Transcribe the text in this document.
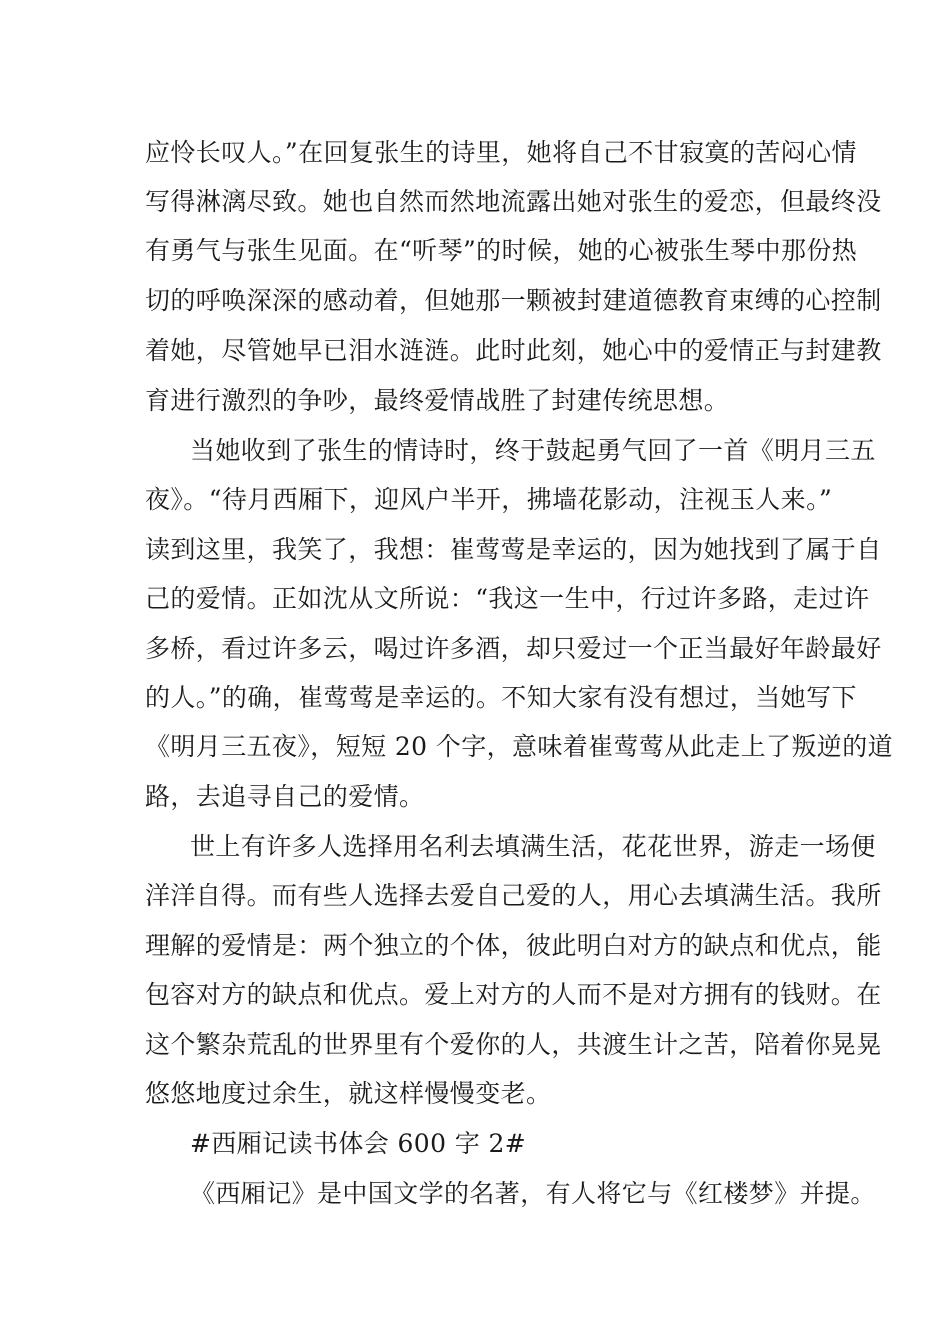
应怜长叹人。”在回复张生的诗里，她将自己不甘寂寞的苦闷心情
写得淋漓尽致。她也自然而然地流露出她对张生的爱恋，但最终没
有勇气与张生见面。在“听琴”的时候，她的心被张生琴中那份热
切的呼唤深深的感动着，但她那一颗被封建道德教育束缚的心控制
着她，尽管她早已泪水涟涟。此时此刻，她心中的爱情正与封建教
育进行激烈的争吵，最终爱情战胜了封建传统思想。
当她收到了张生的情诗时，终于鼓起勇气回了一首《明月三五
夜》。“待月西厢下，迎风户半开，拂墙花影动，注视玉人来。”
读到这里，我笑了，我想：崔莺莺是幸运的，因为她找到了属于自
己的爱情。正如沈从文所说：“我这一生中，行过许多路，走过许
多桥，看过许多云，喝过许多酒，却只爱过一个正当最好年龄最好
的人。”的确，崔莺莺是幸运的。不知大家有没有想过，当她写下
《明月三五夜》，短短 20 个字，意味着崔莺莺从此走上了叛逆的道
路，去追寻自己的爱情。
世上有许多人选择用名利去填满生活，花花世界，游走一场便
洋洋自得。而有些人选择去爱自己爱的人，用心去填满生活。我所
理解的爱情是：两个独立的个体，彼此明白对方的缺点和优点，能
包容对方的缺点和优点。爱上对方的人而不是对方拥有的钱财。在
这个繁杂荒乱的世界里有个爱你的人，共渡生计之苦，陪着你晃晃
悠悠地度过余生，就这样慢慢变老。
#西厢记读书体会 600 字 2#
《西厢记》是中国文学的名著，有人将它与《红楼梦》并提。
